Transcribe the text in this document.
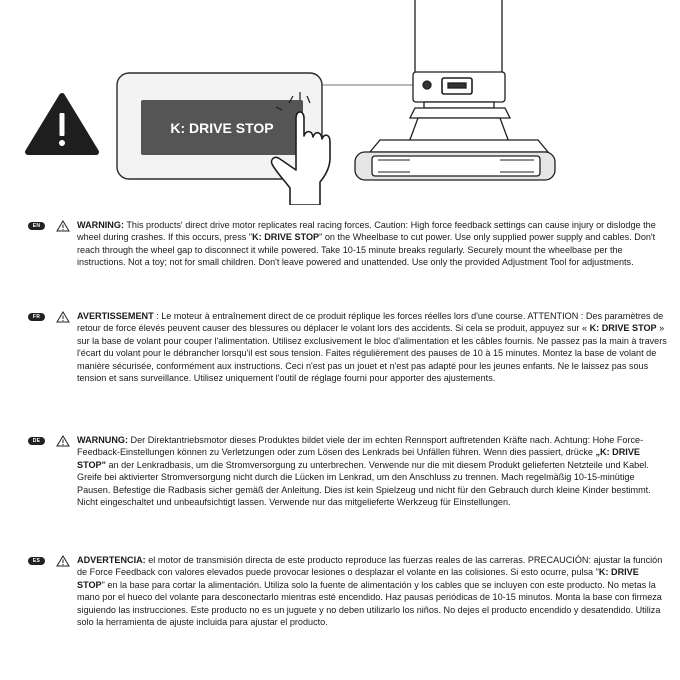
K: DRIVE STOP
EN	WARNING: This products' direct drive motor replicates real racing forces. Caution: High force feedback settings can cause injury or dislodge the wheel during crashes. If this occurs, press "K: DRIVE STOP" on the Wheelbase to cut power. Use only supplied power supply and cables. Don't reach through the wheel gap to disconnect it while powered. Take 10-15 minute breaks regularly. Securely mount the wheelbase per the instructions. Not a toy; not for small children. Don't leave powered and unattended. Use only the provided Adjustment Tool for adjustments.

FR	AVERTISSEMENT : Le moteur à entraînement direct de ce produit réplique les forces réelles lors d'une course. ATTENTION : Des paramètres de retour de force élevés peuvent causer des blessures ou déplacer le volant lors des accidents. Si cela se produit, appuyez sur « K: DRIVE STOP » sur la base de volant pour couper l'alimentation. Utilisez exclusivement le bloc d'alimentation et les câbles fournis. Ne passez pas la main à travers l'écart du volant pour le débrancher lorsqu'il est sous tension. Faites régulièrement des pauses de 10 à 15 minutes. Montez la base de volant de manière sécurisée, conformément aux instructions. Ceci n'est pas un jouet et n'est pas adapté pour les jeunes enfants. Ne le laissez pas sous tension et sans surveillance. Utilisez uniquement l'outil de réglage fourni pour apporter des ajustements.

DE	WARNUNG: Der Direktantriebsmotor dieses Produktes bildet viele der im echten Rennsport auftretenden Kräfte nach. Achtung: Hohe Force-Feedback-Einstellungen können zu Verletzungen oder zum Lösen des Lenkrads bei Unfällen führen. Wenn dies passiert, drücke „K: DRIVE STOP" an der Lenkradbasis, um die Stromversorgung zu unterbrechen. Verwende nur die mit diesem Produkt gelieferten Netzteile und Kabel. Greife bei aktivierter Stromversorgung nicht durch die Lücken im Lenkrad, um den Anschluss zu trennen. Mach regelmäßig 10-15-minütige Pausen. Befestige die Radbasis sicher gemäß der Anleitung. Dies ist kein Spielzeug und nicht für den Gebrauch durch kleine Kinder bestimmt. Nicht eingeschaltet und unbeaufsichtigt lassen. Verwende nur das mitgelieferte Werkzeug für Einstellungen.

ES	ADVERTENCIA: el motor de transmisión directa de este producto reproduce las fuerzas reales de las carreras. PRECAUCIÓN: ajustar la función de Force Feedback con valores elevados puede provocar lesiones o desplazar el volante en las colisiones. Si esto ocurre, pulsa "K: DRIVE STOP" en la base para cortar la alimentación. Utiliza solo la fuente de alimentación y los cables que se incluyen con este producto. No metas la mano por el hueco del volante para desconectarlo mientras esté encendido. Haz pausas periódicas de 10-15 minutos. Monta la base con firmeza siguiendo las instrucciones. Este producto no es un juguete y no deben utilizarlo los niños. No dejes el producto encendido y desatendido. Utiliza solo la herramienta de ajuste incluida para ajustar el producto.
